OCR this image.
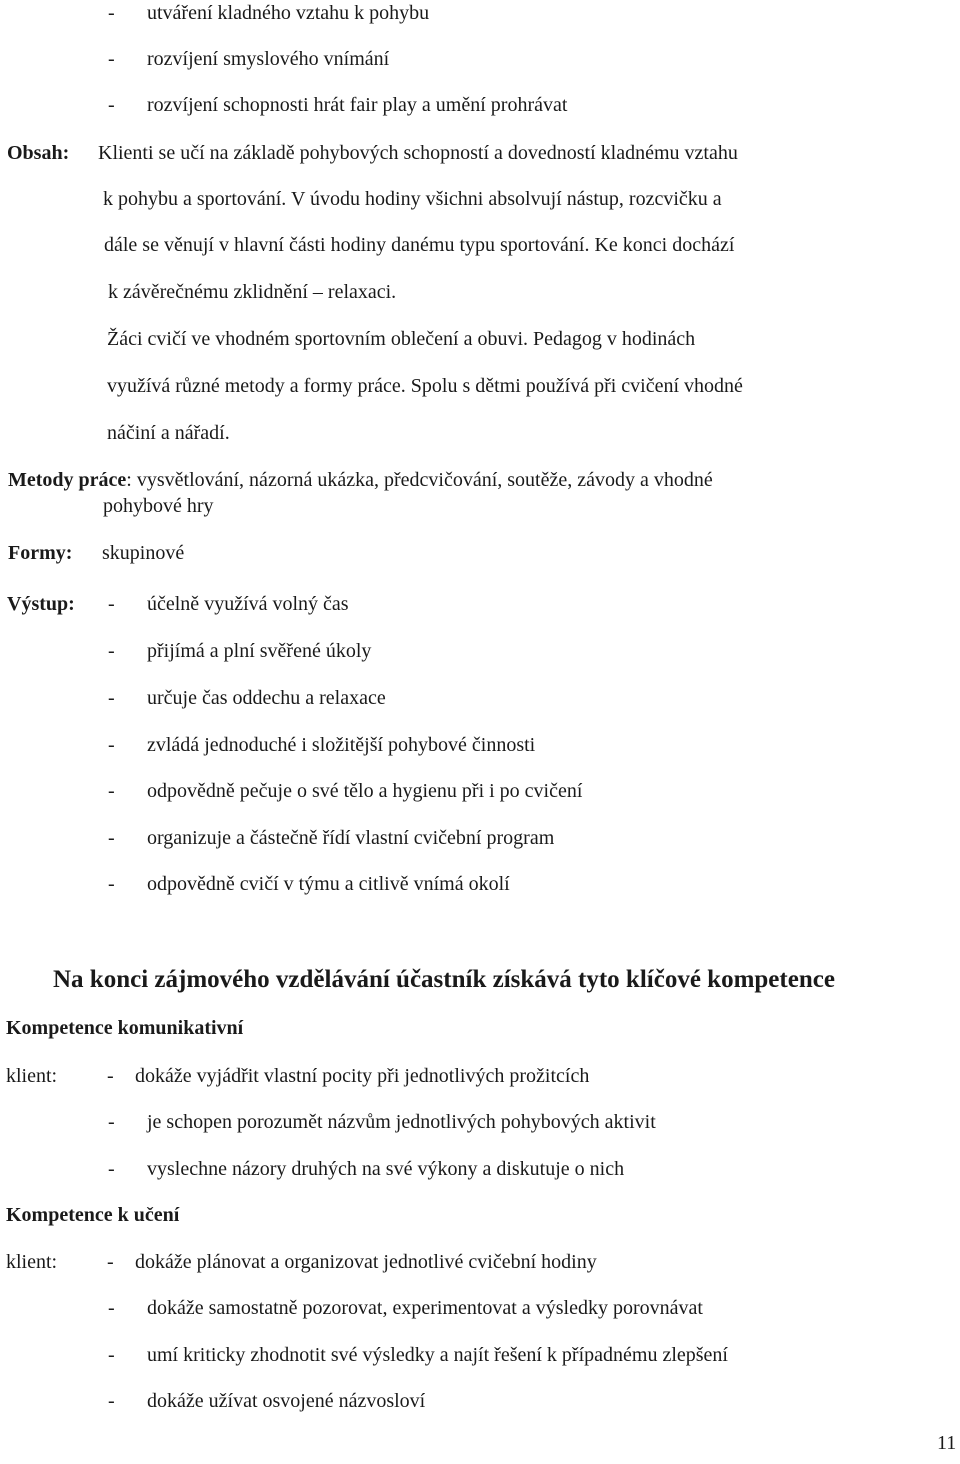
- utváření kladného vztahu k pohybu
- rozvíjení smyslového vnímání
- rozvíjení schopnosti hrát fair play a umění prohrávat
Obsah: Klienti se učí na základě pohybových schopností a dovedností kladnému vztahu
k pohybu a sportování. V úvodu hodiny všichni absolvují nástup, rozcvičku a
dále se věnují v hlavní části hodiny danému typu sportování. Ke konci dochází
k závěrečnému zklidnění – relaxaci.
Žáci cvičí ve vhodném sportovním oblečení a obuvi. Pedagog v hodinách
využívá různé metody a formy práce. Spolu s dětmi používá při cvičení vhodné
náčiní a nářadí.
Metody práce: vysvětlování, názorná ukázka, předcvičování, soutěže, závody a vhodné
pohybové hry
Formy: skupinové
Výstup: - účelně využívá volný čas
- přijímá a plní svěřené úkoly
- určuje čas oddechu a relaxace
- zvládá jednoduché i složitější pohybové činnosti
- odpovědně pečuje o své tělo a hygienu při i po cvičení
- organizuje a částečně řídí vlastní cvičební program
- odpovědně cvičí v týmu a citlivě vnímá okolí
Na konci zájmového vzdělávání účastník získává tyto klíčové kompetence
Kompetence komunikativní
klient: - dokáže vyjádřit vlastní pocity při jednotlivých prožitcích
- je schopen porozumět názvům jednotlivých pohybových aktivit
- vyslechne názory druhých na své výkony a diskutuje o nich
Kompetence k učení
klient: - dokáže plánovat a organizovat jednotlivé cvičební hodiny
- dokáže samostatně pozorovat, experimentovat a výsledky porovnávat
- umí kriticky zhodnotit své výsledky a najít řešení k případnému zlepšení
- dokáže užívat osvojené názvosloví
11
